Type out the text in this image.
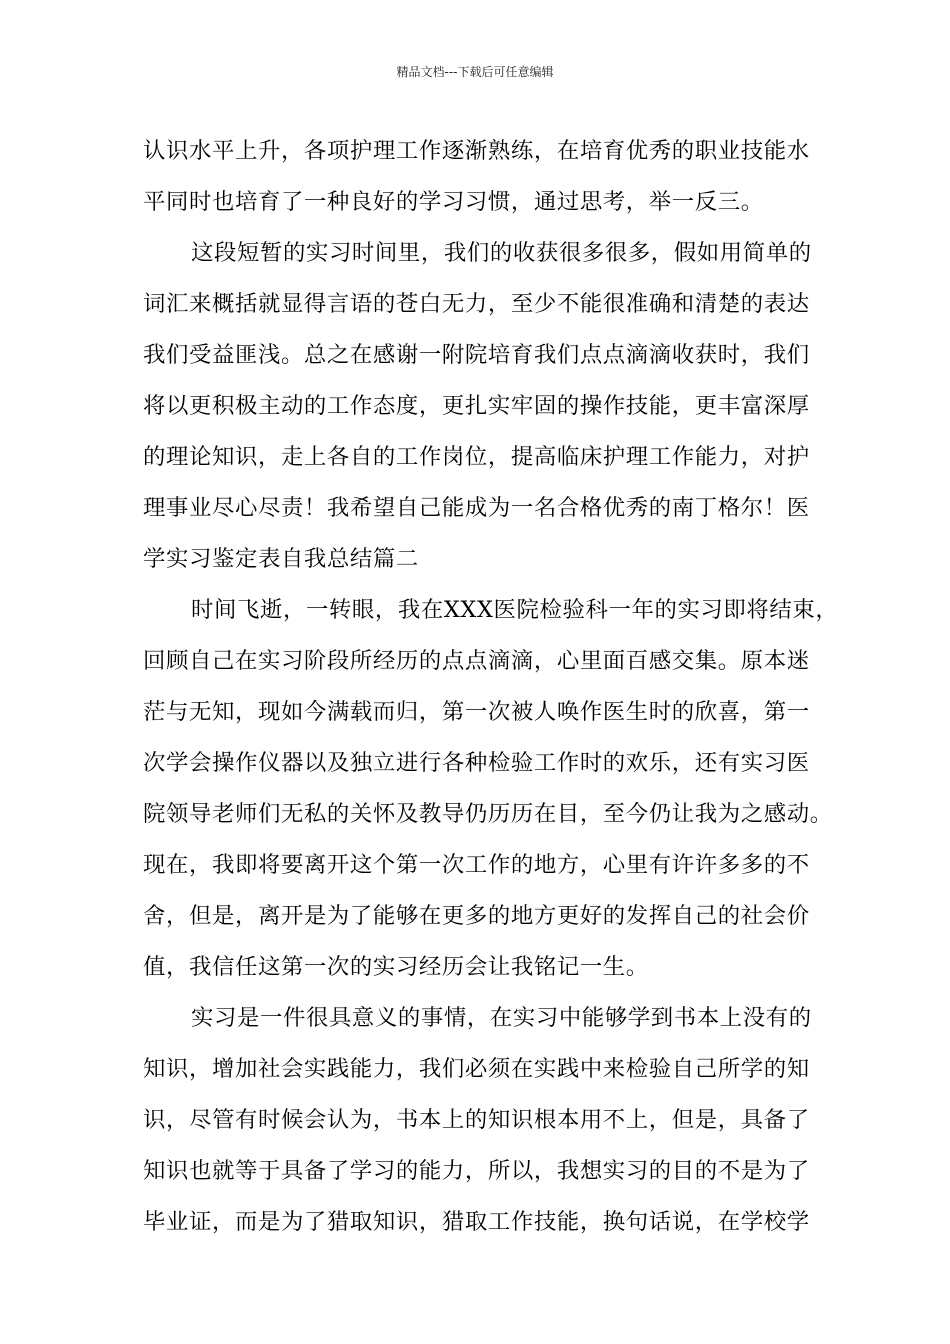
精品文档---下载后可任意编辑
认识水平上升，各项护理工作逐渐熟练，在培育优秀的职业技能水
平同时也培育了一种良好的学习习惯，通过思考，举一反三。
这段短暂的实习时间里，我们的收获很多很多，假如用简单的
词汇来概括就显得言语的苍白无力，至少不能很准确和清楚的表达
我们受益匪浅。总之在感谢一附院培育我们点点滴滴收获时，我们
将以更积极主动的工作态度，更扎实牢固的操作技能，更丰富深厚
的理论知识，走上各自的工作岗位，提高临床护理工作能力，对护
理事业尽心尽责！我希望自己能成为一名合格优秀的南丁格尔！医
学实习鉴定表自我总结篇二
时间飞逝，一转眼，我在XXX医院检验科一年的实习即将结束，
回顾自己在实习阶段所经历的点点滴滴，心里面百感交集。原本迷
茫与无知，现如今满载而归，第一次被人唤作医生时的欣喜，第一
次学会操作仪器以及独立进行各种检验工作时的欢乐，还有实习医
院领导老师们无私的关怀及教导仍历历在目，至今仍让我为之感动。
现在，我即将要离开这个第一次工作的地方，心里有许许多多的不
舍，但是，离开是为了能够在更多的地方更好的发挥自己的社会价
值，我信任这第一次的实习经历会让我铭记一生。
实习是一件很具意义的事情，在实习中能够学到书本上没有的
知识，增加社会实践能力，我们必须在实践中来检验自己所学的知
识，尽管有时候会认为，书本上的知识根本用不上，但是，具备了
知识也就等于具备了学习的能力，所以，我想实习的目的不是为了
毕业证，而是为了猎取知识，猎取工作技能，换句话说，在学校学
